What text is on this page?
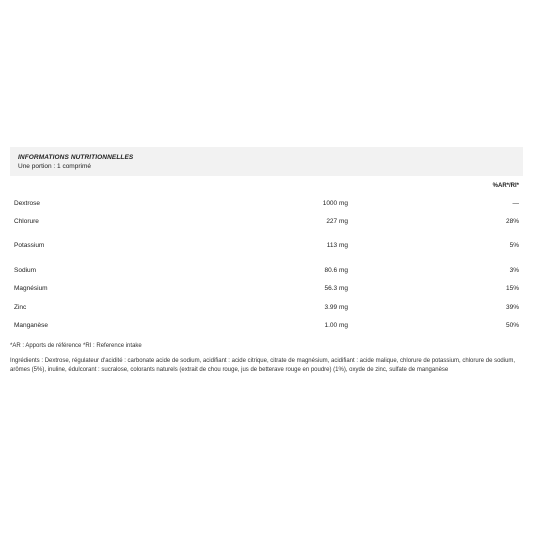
INFORMATIONS NUTRITIONNELLES
Une portion : 1 comprimé
%AR*/RI*
Dextrose	1000 mg	—
Chlorure	227 mg	28%
Potassium	113 mg	5%
Sodium	80.6 mg	3%
Magnésium	56.3 mg	15%
Zinc	3.99 mg	39%
Manganèse	1.00 mg	50%
*AR : Apports de référence *RI : Reference intake
Ingrédients : Dextrose, régulateur d'acidité : carbonate acide de sodium, acidifiant : acide citrique, citrate de magnésium, acidifiant : acide malique, chlorure de potassium, chlorure de sodium, arômes (5%), inuline, édulcorant : sucralose, colorants naturels (extrait de chou rouge, jus de betterave rouge en poudre) (1%), oxyde de zinc, sulfate de manganèse
